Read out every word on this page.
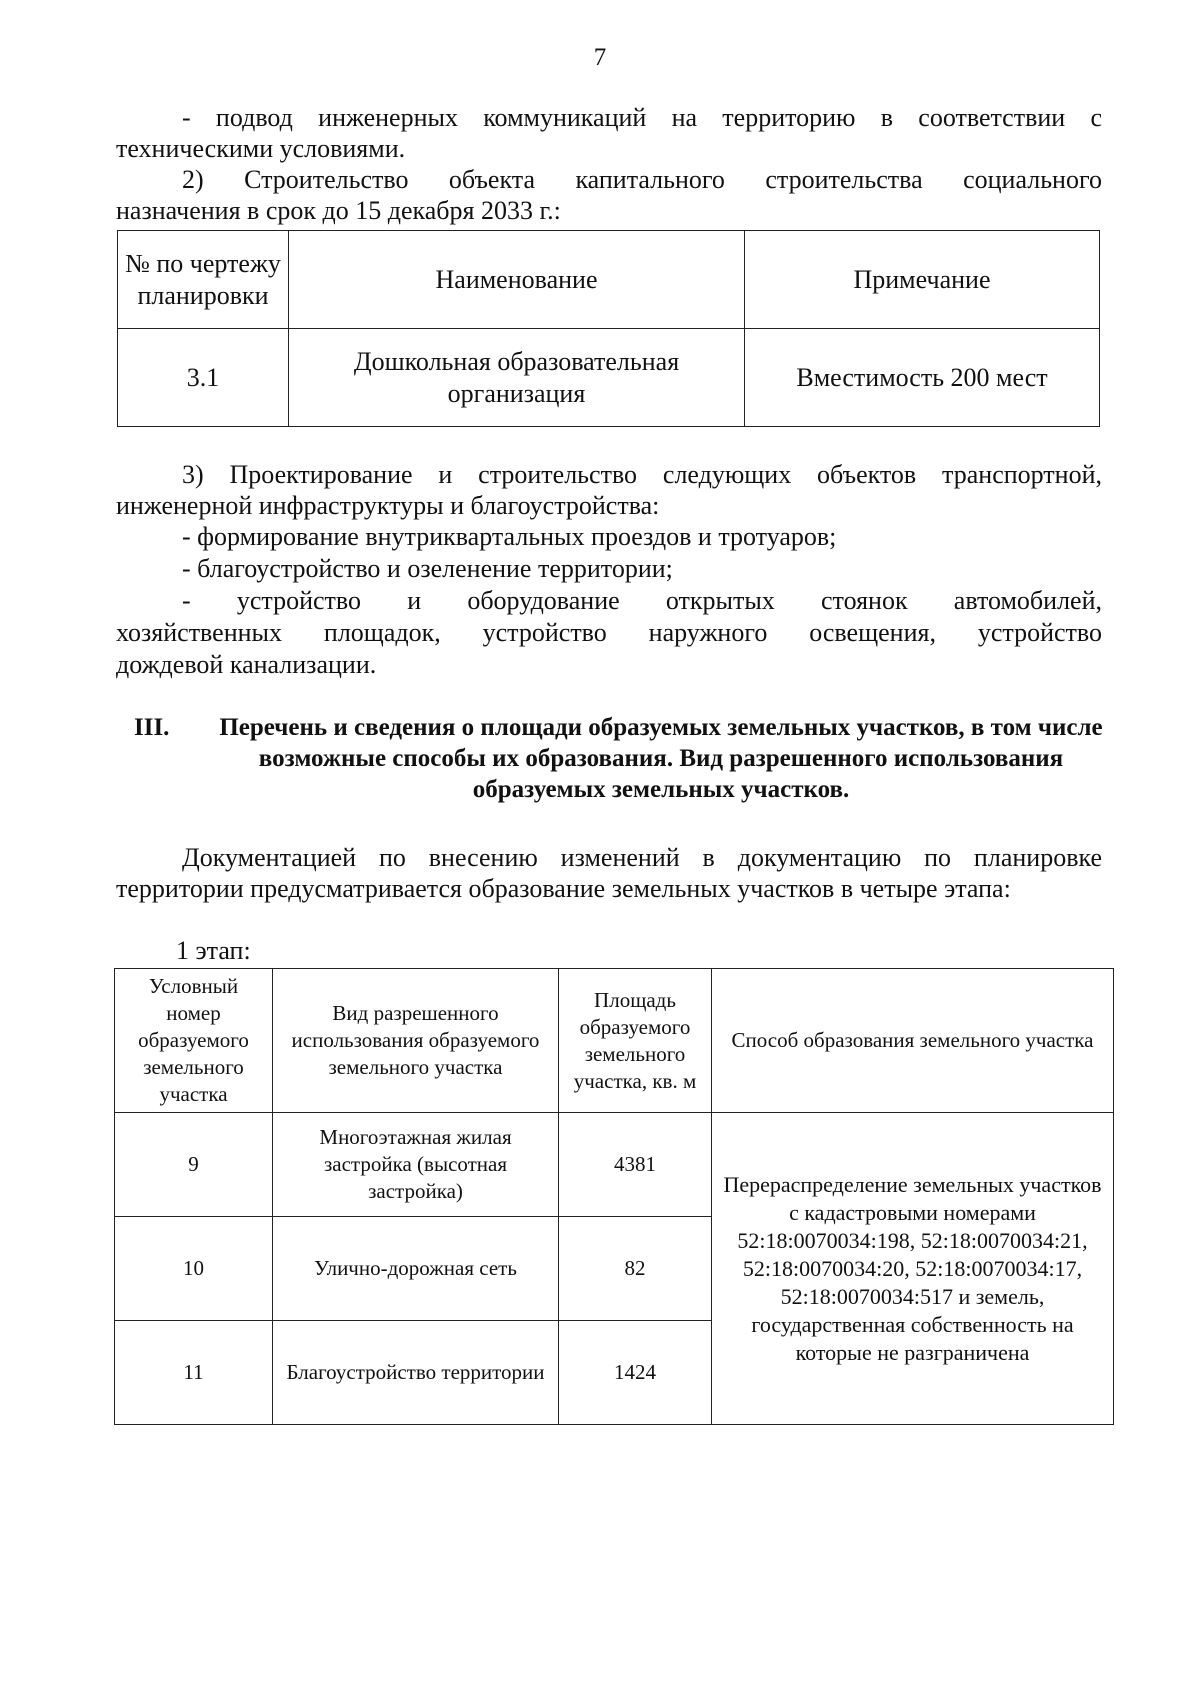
7

- подвод инженерных коммуникаций на территорию в соответствии с

техническими условиями.

2) Строительство объекта капитального строительства социального

назначения в срок до 15 декабря 2033 г.:

№ по чертежу планировки	Наименование	Примечание
3.1	Дошкольная образовательная организация	Вместимость 200 мест

3) Проектирование и строительство следующих объектов транспортной,

инженерной инфраструктуры и благоустройства:

- формирование внутриквартальных проездов и тротуаров;

- благоустройство и озеленение территории;

- устройство и оборудование открытых стоянок автомобилей,

хозяйственных площадок, устройство наружного освещения, устройство

дождевой канализации.

III. Перечень и сведения о площади образуемых земельных участков, в том числе возможные способы их образования. Вид разрешенного использования образуемых земельных участков.

Документацией по внесению изменений в документацию по планировке

территории предусматривается образование земельных участков в четыре этапа:

1 этап:
Условный номер образуемого земельного участка	Вид разрешенного использования образуемого земельного участка	Площадь образуемого земельного участка, кв. м	Способ образования земельного участка
9	Многоэтажная жилая застройка (высотная застройка)	4381	Перераспределение земельных участков с кадастровыми номерами 52:18:0070034:198, 52:18:0070034:21, 52:18:0070034:20, 52:18:0070034:17, 52:18:0070034:517 и земель, государственная собственность на которые не разграничена
10	Улично-дорожная сеть	82	
11	Благоустройство территории	1424	
